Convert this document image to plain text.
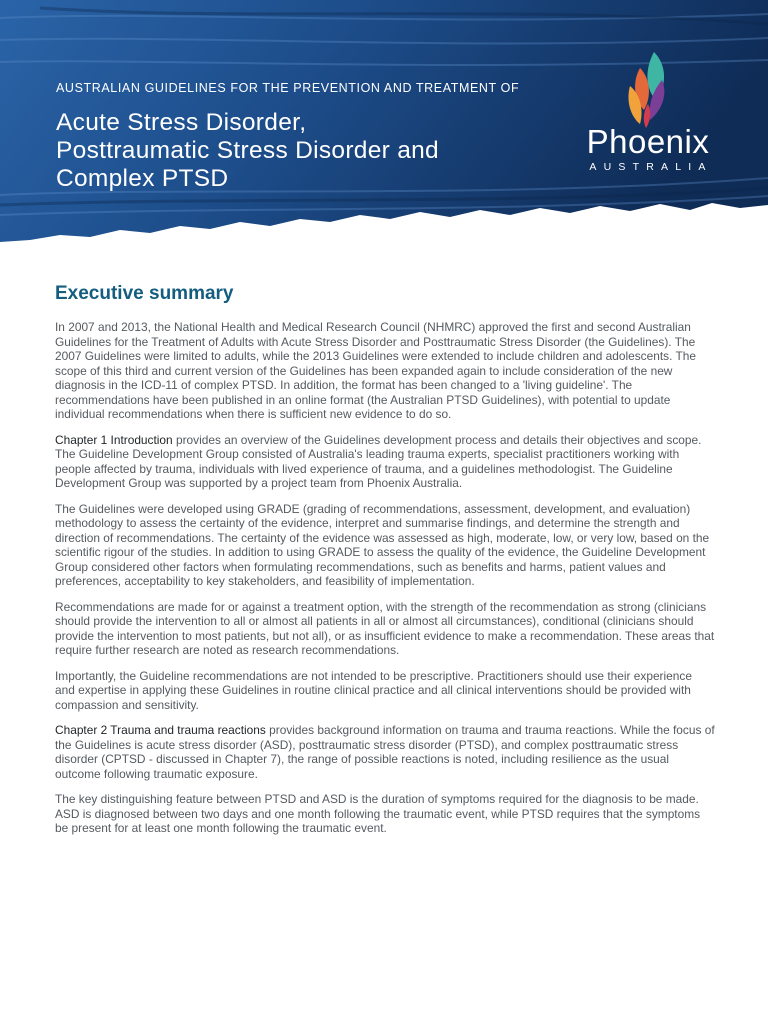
AUSTRALIAN GUIDELINES FOR THE PREVENTION AND TREATMENT OF

Acute Stress Disorder,
Posttraumatic Stress Disorder and
Complex PTSD
Phoenix
AUSTRALIA
Executive summary

In 2007 and 2013, the National Health and Medical Research Council (NHMRC) approved the first and second Australian Guidelines for the Treatment of Adults with Acute Stress Disorder and Posttraumatic Stress Disorder (the Guidelines). The 2007 Guidelines were limited to adults, while the 2013 Guidelines were extended to include children and adolescents. The scope of this third and current version of the Guidelines has been expanded again to include consideration of the new diagnosis in the ICD-11 of complex PTSD. In addition, the format has been changed to a 'living guideline'. The recommendations have been published in an online format (the Australian PTSD Guidelines), with potential to update individual recommendations when there is sufficient new evidence to do so.

Chapter 1 Introduction provides an overview of the Guidelines development process and details their objectives and scope. The Guideline Development Group consisted of Australia's leading trauma experts, specialist practitioners working with people affected by trauma, individuals with lived experience of trauma, and a guidelines methodologist. The Guideline Development Group was supported by a project team from Phoenix Australia.

The Guidelines were developed using GRADE (grading of recommendations, assessment, development, and evaluation) methodology to assess the certainty of the evidence, interpret and summarise findings, and determine the strength and direction of recommendations. The certainty of the evidence was assessed as high, moderate, low, or very low, based on the scientific rigour of the studies. In addition to using GRADE to assess the quality of the evidence, the Guideline Development Group considered other factors when formulating recommendations, such as benefits and harms, patient values and preferences, acceptability to key stakeholders, and feasibility of implementation.

Recommendations are made for or against a treatment option, with the strength of the recommendation as strong (clinicians should provide the intervention to all or almost all patients in all or almost all circumstances), conditional (clinicians should provide the intervention to most patients, but not all), or as insufficient evidence to make a recommendation. These areas that require further research are noted as research recommendations.

Importantly, the Guideline recommendations are not intended to be prescriptive. Practitioners should use their experience and expertise in applying these Guidelines in routine clinical practice and all clinical interventions should be provided with compassion and sensitivity.

Chapter 2 Trauma and trauma reactions provides background information on trauma and trauma reactions. While the focus of the Guidelines is acute stress disorder (ASD), posttraumatic stress disorder (PTSD), and complex posttraumatic stress disorder (CPTSD - discussed in Chapter 7), the range of possible reactions is noted, including resilience as the usual outcome following traumatic exposure.

The key distinguishing feature between PTSD and ASD is the duration of symptoms required for the diagnosis to be made. ASD is diagnosed between two days and one month following the traumatic event, while PTSD requires that the symptoms be present for at least one month following the traumatic event.
